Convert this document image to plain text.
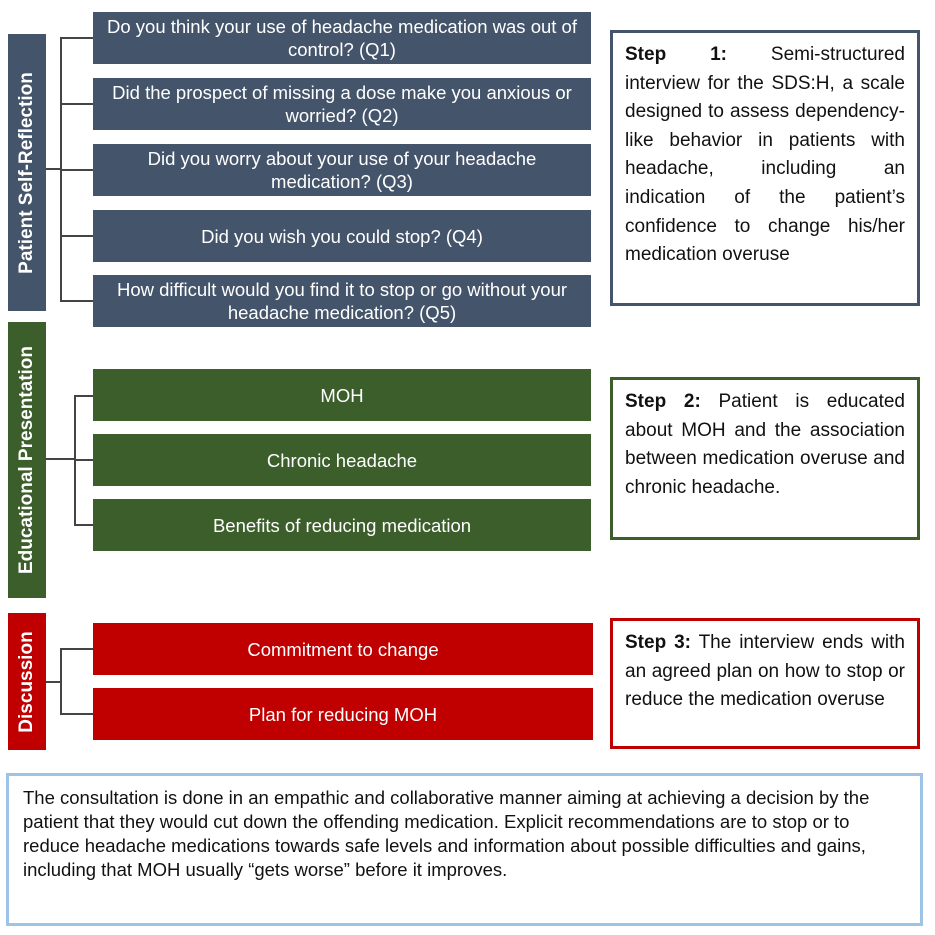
Patient Self-Reflection
Do you think your use of headache medication was out of control? (Q1)
Did the prospect of missing a dose make you anxious or worried? (Q2)
Did you worry about your use of your headache medication? (Q3)
Did you wish you could stop? (Q4)
How difficult would you find it to stop or go without your headache medication? (Q5)
Step 1: Semi-structured interview for the SDS:H, a scale designed to assess dependency-like behavior in patients with headache, including an indication of the patient’s confidence to change his/her medication overuse
Educational Presentation	MOH
Chronic headache
Benefits of reducing medication
Step 2: Patient is educated about MOH and the association between medication overuse and chronic headache.
Discussion	Commitment to change
Plan for reducing MOH
Step 3: The interview ends with an agreed plan on how to stop or reduce the medication overuse
The consultation is done in an empathic and collaborative manner aiming at achieving a decision by the patient that they would cut down the offending medication. Explicit recommendations are to stop or to reduce headache medications towards safe levels and information about possible difficulties and gains, including that MOH usually “gets worse” before it improves.
